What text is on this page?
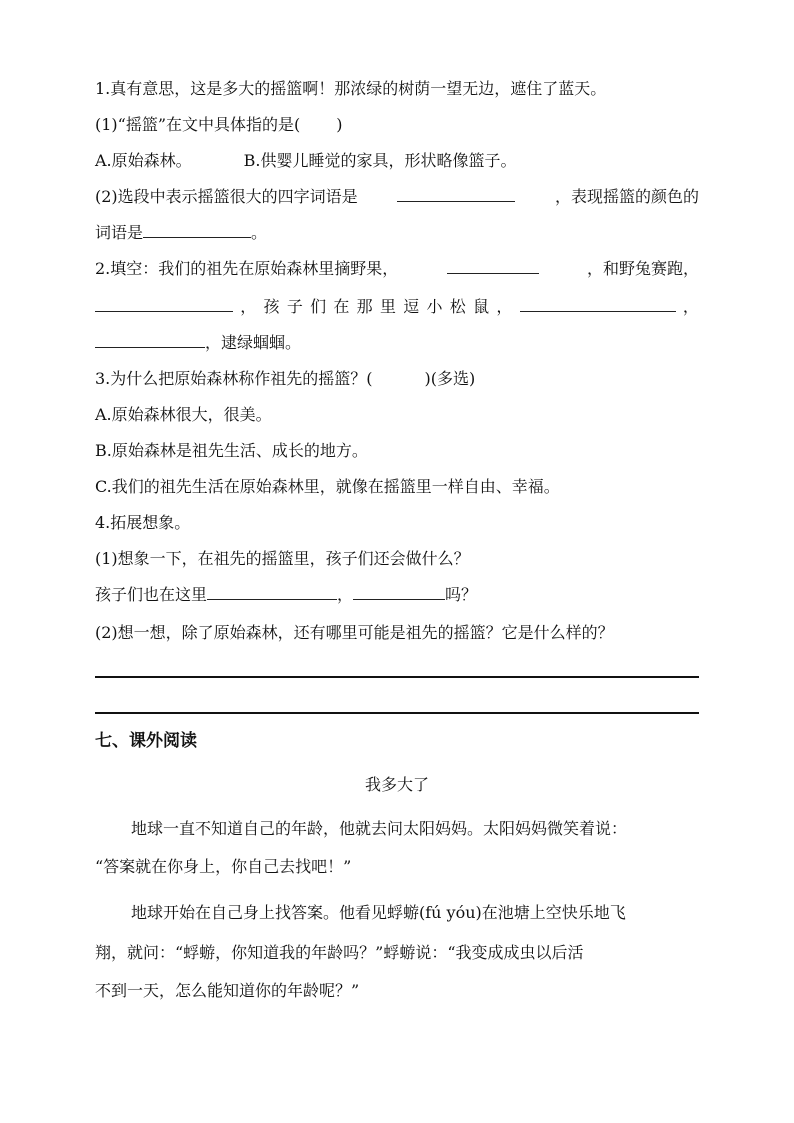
1.真有意思，这是多大的摇篮啊！那浓绿的树荫一望无边，遮住了蓝天。
(1)“摇篮”在文中具体指的是( )
A.原始森林。	B.供婴儿睡觉的家具，形状略像篮子。
(2)选段中表示摇篮很大的四字词语是	，表现摇篮的颜色的
词语是	。
2.填空：我们的祖先在原始森林里摘野果，	，和野兔赛跑，
， 孩 子 们 在 那 里 逗 小 松 鼠 ，	，
，逮绿蝈蝈。
3.为什么把原始森林称作祖先的摇篮？(	)(多选)
A.原始森林很大，很美。
B.原始森林是祖先生活、成长的地方。
C.我们的祖先生活在原始森林里，就像在摇篮里一样自由、幸福。
4.拓展想象。
(1)想象一下，在祖先的摇篮里，孩子们还会做什么？
孩子们也在这里	，	吗？
(2)想一想，除了原始森林，还有哪里可能是祖先的摇篮？它是什么样的？
七、课外阅读
我多大了
地球一直不知道自己的年龄，他就去问太阳妈妈。太阳妈妈微笑着说：
“答案就在你身上，你自己去找吧！”
地球开始在自己身上找答案。他看见蜉蝣(fú yóu)在池塘上空快乐地飞
翔，就问：“蜉蝣，你知道我的年龄吗？”蜉蝣说：“我变成成虫以后活
不到一天，怎么能知道你的年龄呢？”
